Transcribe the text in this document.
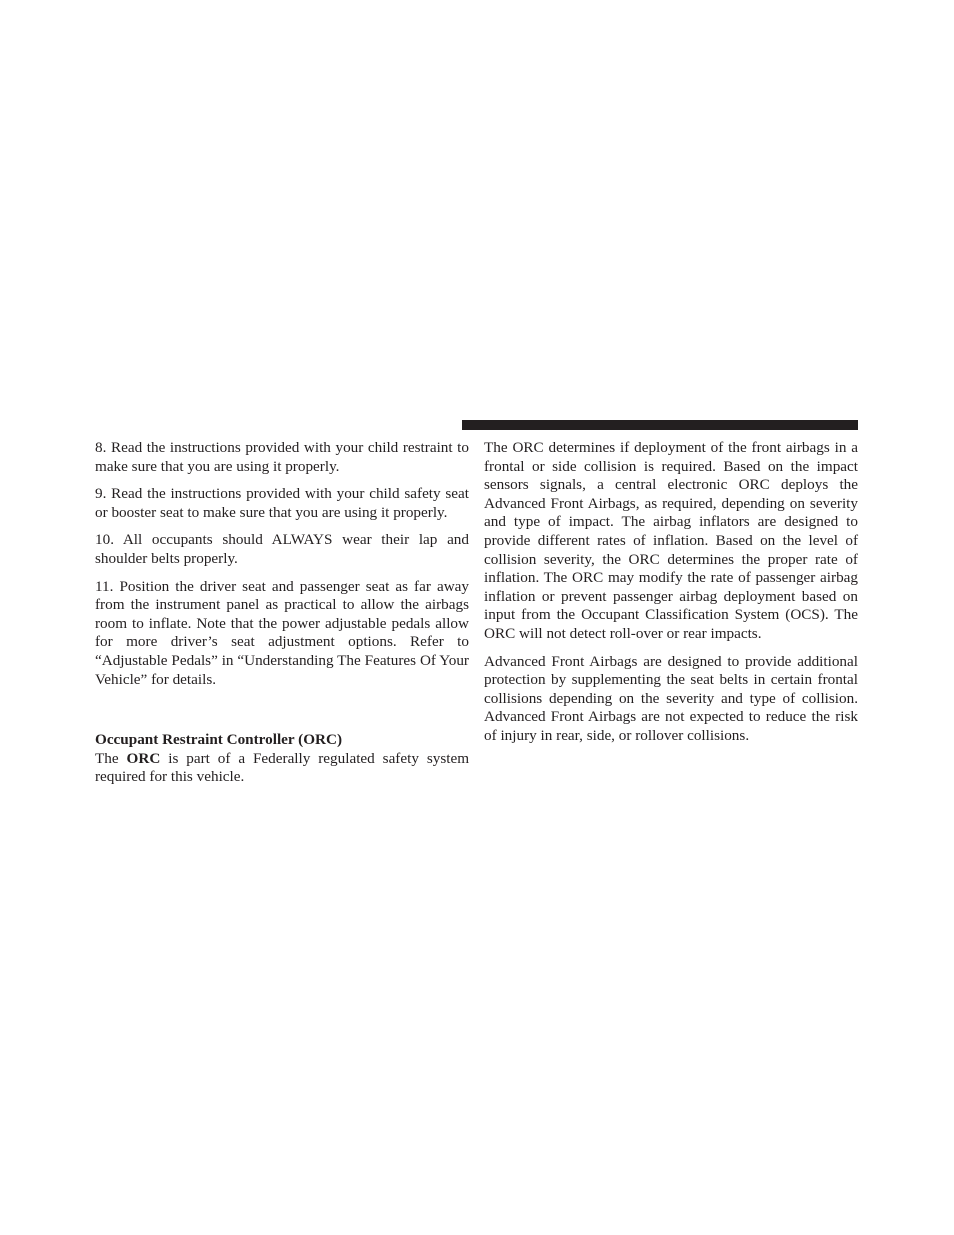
8. Read the instructions provided with your child restraint to make sure that you are using it properly.

9. Read the instructions provided with your child safety seat or booster seat to make sure that you are using it properly.

10. All occupants should ALWAYS wear their lap and shoulder belts properly.

11. Position the driver seat and passenger seat as far away from the instrument panel as practical to allow the airbags room to inflate. Note that the power adjustable pedals allow for more driver’s seat adjustment options. Refer to “Adjustable Pedals” in “Understanding The Features Of Your Vehicle” for details.

Occupant Restraint Controller (ORC)

The ORC is part of a Federally regulated safety system required for this vehicle.

The ORC determines if deployment of the front airbags in a frontal or side collision is required. Based on the impact sensors signals, a central electronic ORC deploys the Advanced Front Airbags, as required, depending on severity and type of impact. The airbag inflators are designed to provide different rates of inflation. Based on the level of collision severity, the ORC determines the proper rate of inflation. The ORC may modify the rate of passenger airbag inflation or prevent passenger airbag deployment based on input from the Occupant Classification System (OCS). The ORC will not detect roll-over or rear impacts.

Advanced Front Airbags are designed to provide additional protection by supplementing the seat belts in certain frontal collisions depending on the severity and type of collision. Advanced Front Airbags are not expected to reduce the risk of injury in rear, side, or rollover collisions.
